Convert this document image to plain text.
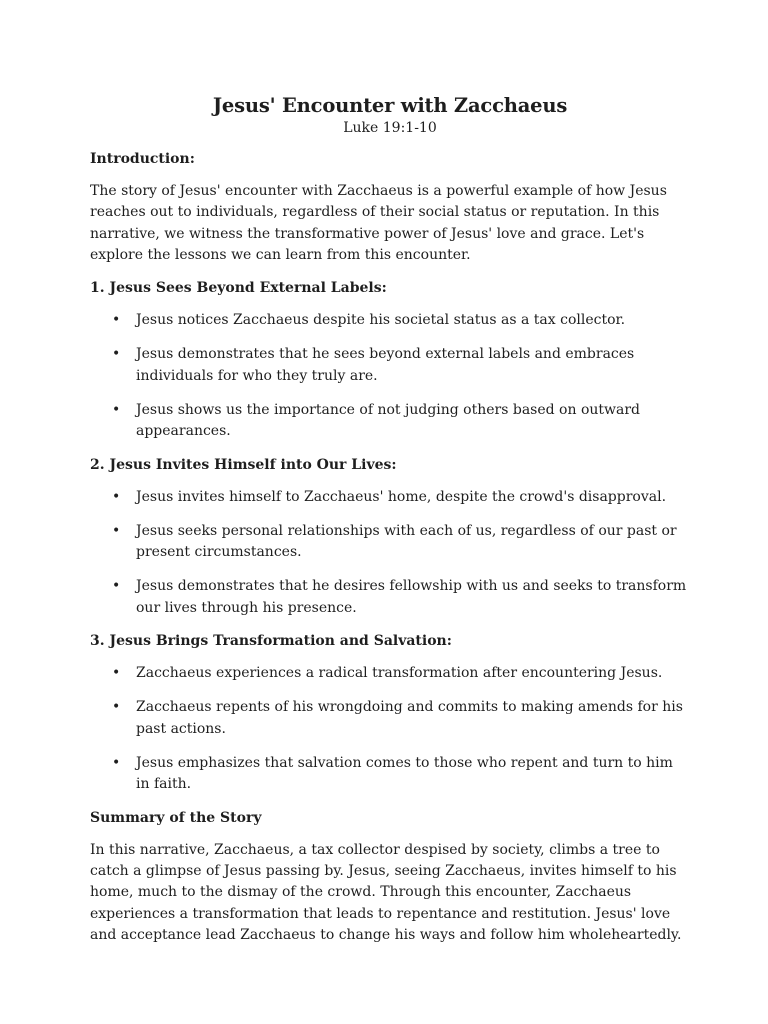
Jesus' Encounter with Zacchaeus

Luke 19:1-10

Introduction:

The story of Jesus' encounter with Zacchaeus is a powerful example of how Jesus reaches out to individuals, regardless of their social status or reputation. In this narrative, we witness the transformative power of Jesus' love and grace. Let's explore the lessons we can learn from this encounter.

1. Jesus Sees Beyond External Labels:

• Jesus notices Zacchaeus despite his societal status as a tax collector.
• Jesus demonstrates that he sees beyond external labels and embraces individuals for who they truly are.
• Jesus shows us the importance of not judging others based on outward appearances.

2. Jesus Invites Himself into Our Lives:

• Jesus invites himself to Zacchaeus' home, despite the crowd's disapproval.
• Jesus seeks personal relationships with each of us, regardless of our past or present circumstances.
• Jesus demonstrates that he desires fellowship with us and seeks to transform our lives through his presence.

3. Jesus Brings Transformation and Salvation:

• Zacchaeus experiences a radical transformation after encountering Jesus.
• Zacchaeus repents of his wrongdoing and commits to making amends for his past actions.
• Jesus emphasizes that salvation comes to those who repent and turn to him in faith.

Summary of the Story

In this narrative, Zacchaeus, a tax collector despised by society, climbs a tree to catch a glimpse of Jesus passing by. Jesus, seeing Zacchaeus, invites himself to his home, much to the dismay of the crowd. Through this encounter, Zacchaeus experiences a transformation that leads to repentance and restitution. Jesus' love and acceptance lead Zacchaeus to change his ways and follow him wholeheartedly.
